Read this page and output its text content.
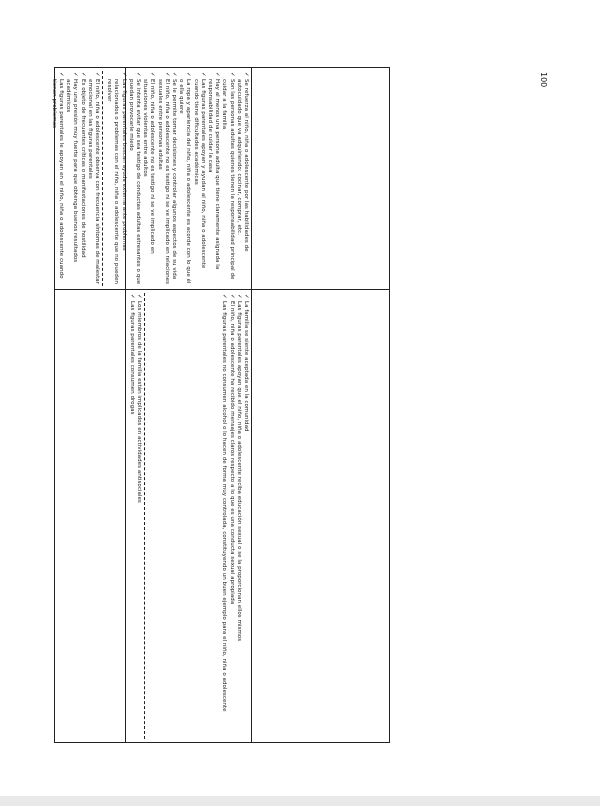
100
✓
Se refuerza al niño, niña o adolescente por las habilidades de autocuidado que va adquiriendo: cocinar, comprar, etc.
✓
Son las personas adultas quienes tienen la responsabilidad principal de cuidar a la familia
✓
Hay al menos una persona adulta que tiene claramente asignada la responsabilidad de cuidar la casa
✓
Las figuras parentales apoyan y ayudan al niño, niña o adolescente cuando tiene dificultades académicas
✓
La ropa y apariencia del niño, niña o adolescente es acorde con lo que él o ella quiere
✓
Se le permite tomar decisiones y controlar algunos aspectos de su vida
✓
El niño, niña o adolescente no es testigo ni se ve implicado en relaciones sexuales entre personas adultas
✓
El niño, niña o adolescente no es testigo ni se ve implicado en situaciones violentas entre adultos
✓
Se intenta evitar que sea testigo de conductas adultas estresantes o que puedan provocarle miedo
✓
Las figuras parentales buscan ayuda externa ante problemas relacionados o problemas con el niño, niña o adolescente que no pueden resolver
✓
El niño, niña o adolescente observa con frecuencia síntomas de malestar emocional en las figuras parentales
✓
Es objeto de frecuentes críticas o manifestaciones de hostilidad
✓
Hay una presión muy fuerte para que obtenga buenos resultados académicos
✓
Las figuras parentales le apoyan en el niño, niña o adolescente cuando tienen problemas
✓
La familia se siente aceptada en la comunidad
✓
Las figuras parentales apoyan que el niño, niña o adolescente reciba educación sexual o se la proporcionan ellos mismos
✓
El niño, niña o adolescente ha recibido mensajes claros respecto a lo que es una conducta sexual apropiada
✓
Las figuras parentales no consumen alcohol o lo hacen de forma muy controlada, constituyendo un buen ejemplo para el niño, niña o adolescente
✓
Los miembros de la familia están implicados en actividades antisociales
✓
Las figuras parentales consumen drogas
